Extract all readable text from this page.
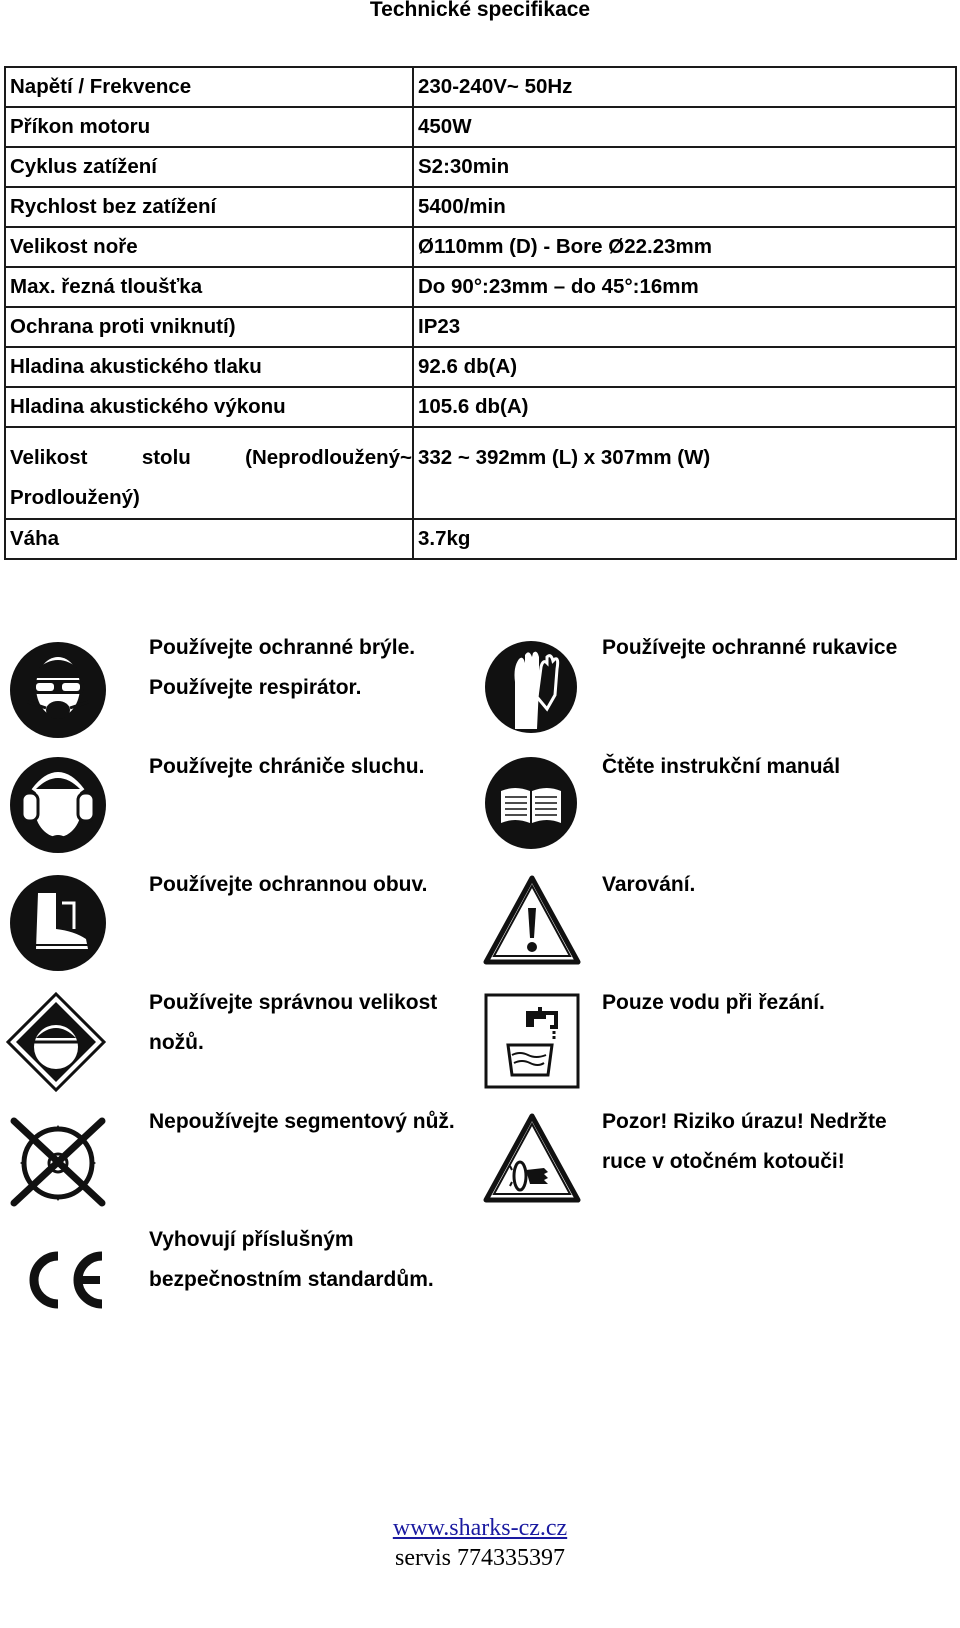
Technické specifikace
Napětí / Frekvence	230-240V~ 50Hz
Příkon motoru	450W
Cyklus zatížení	S2:30min
Rychlost bez zatížení	5400/min
Velikost noře	Ø110mm (D) - Bore Ø22.23mm
Max. řezná tloušťka	Do 90°:23mm – do 45°:16mm
Ochrana proti vniknutí)	IP23
Hladina akustického tlaku	92.6 db(A)
Hladina akustického výkonu	105.6 db(A)

Velikost stolu (Neprodloužený~
Prodloužený)	332 ~ 392mm (L) x 307mm (W)
Váha	3.7kg
Používejte ochranné brýle.
Používejte respirátor.
Používejte ochranné rukavice
Používejte chrániče sluchu.	Čtěte instrukční manuál
Používejte ochrannou obuv.	Varování.
Používejte správnou velikost
nožů.
Pouze vodu při řezání.
Nepoužívejte segmentový nůž.	Pozor! Riziko úrazu! Nedržte
ruce v otočném kotouči!
Vyhovují příslušným
bezpečnostním standardům.
www.sharks-cz.cz
servis 774335397
